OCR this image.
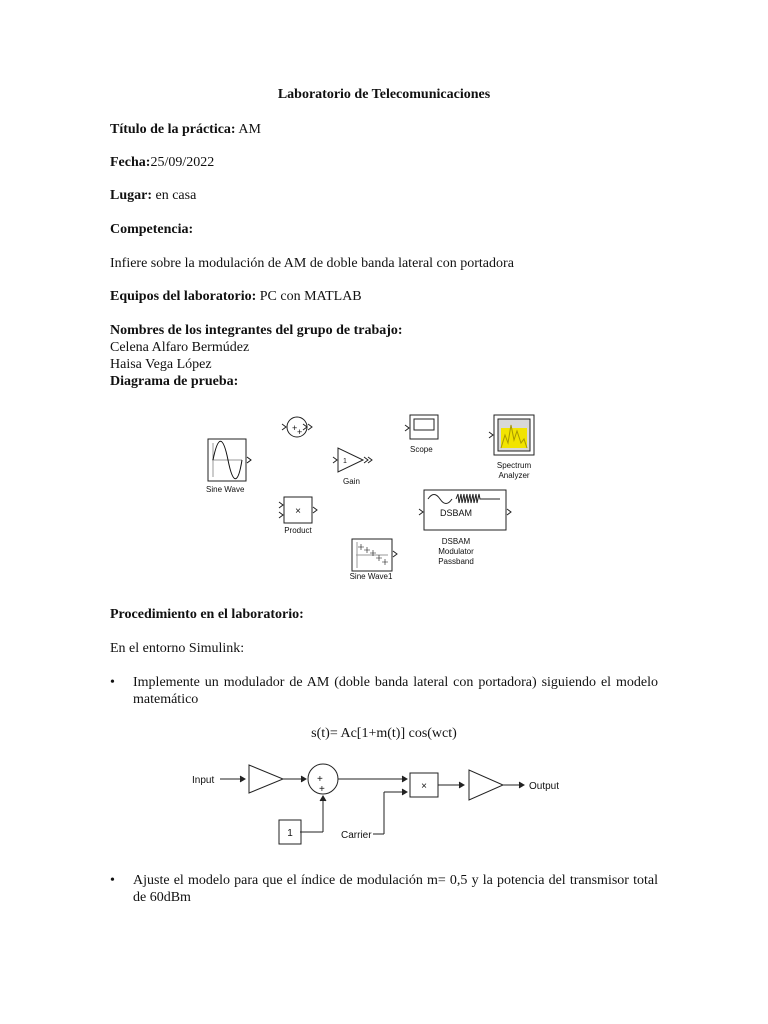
Laboratorio de Telecomunicaciones
Título de la práctica: AM
Fecha:25/09/2022
Lugar: en casa
Competencia:
Infiere sobre la modulación de AM de doble banda lateral con portadora
Equipos del laboratorio: PC con MATLAB
Nombres de los integrantes del grupo de trabajo:
Celena Alfaro Bermúdez
Haisa Vega López
Diagrama de prueba:
Sine Wave
+ +
Scope
1
Gain
Spectrum
Analyzer
×
Product
DSBAM
DSBAM
Modulator
Passband
Sine Wave1
Procedimiento en el laboratorio:
En el entorno Simulink:
• Implemente un modulador de AM (doble banda lateral con portadora) siguiendo el modelo matemático
s(t)= Ac[1+m(t)] cos(wct)
Input	+
+
1
×
Carrier
Output
• Ajuste el modelo para que el índice de modulación m= 0,5 y la potencia del transmisor total de 60dBm
